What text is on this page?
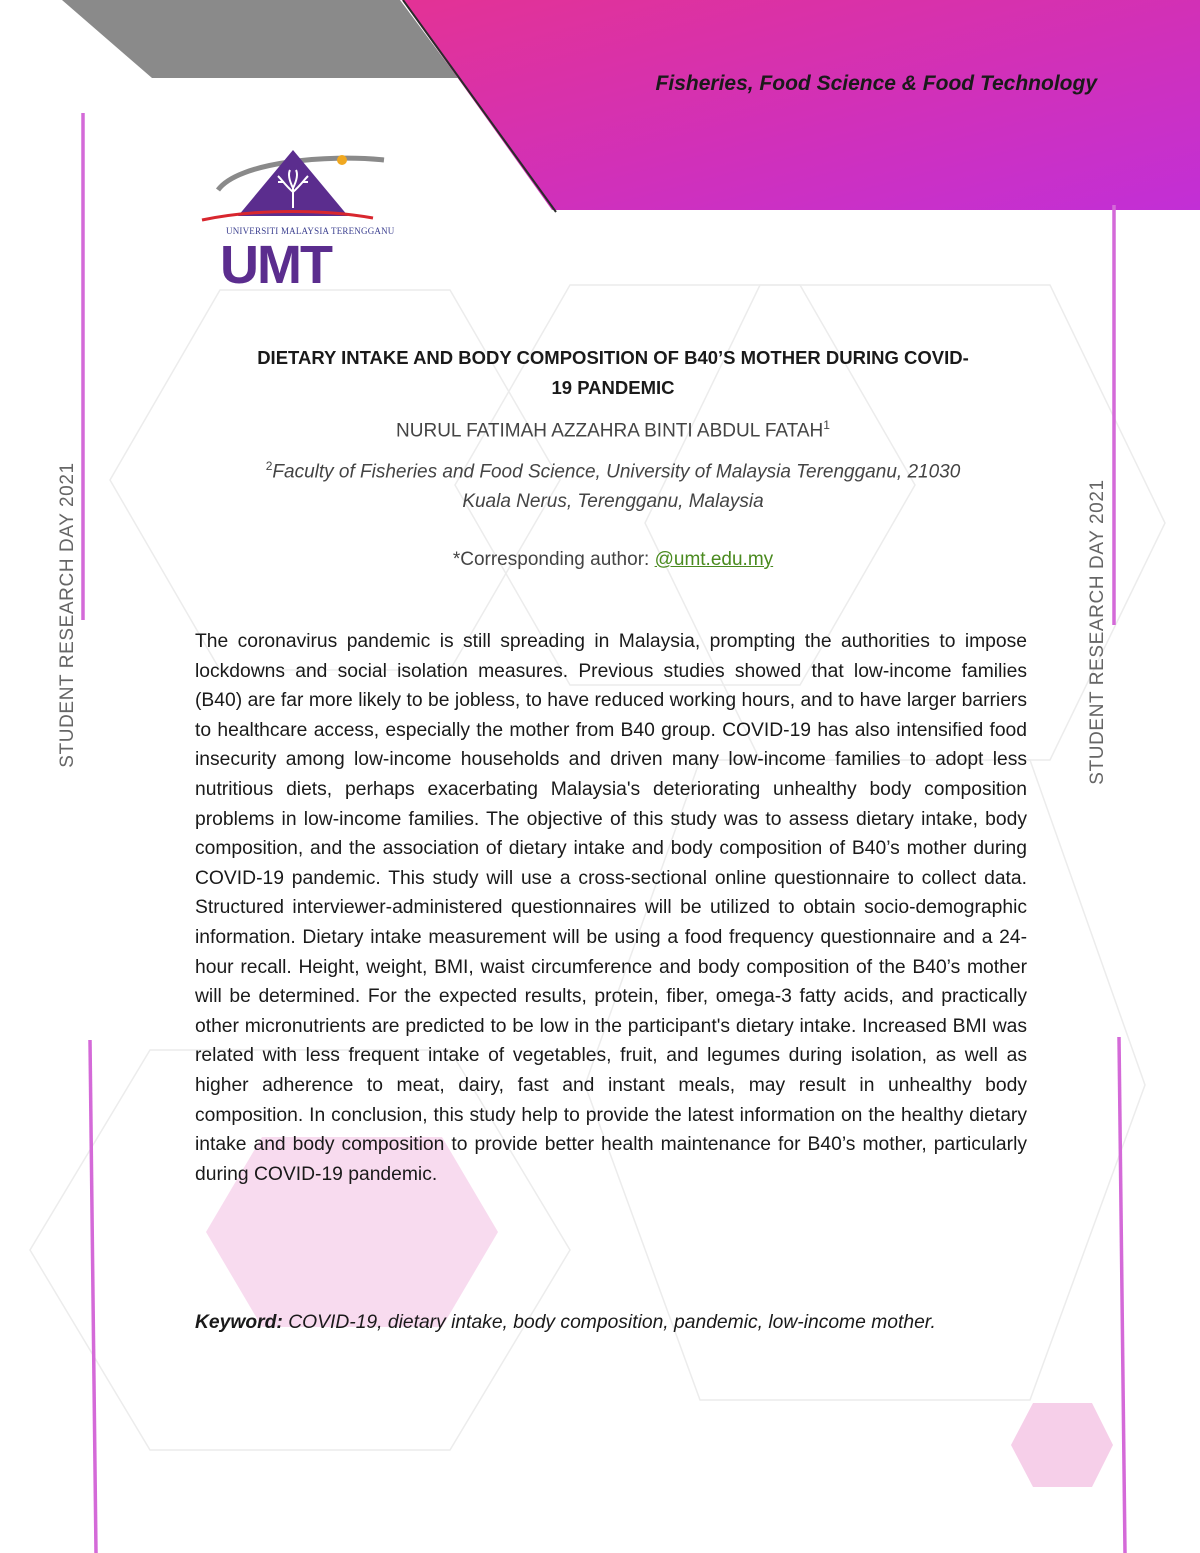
Fisheries, Food Science & Food Technology
UNIVERSITI MALAYSIA TERENGGANU
UMT
STUDENT RESEARCH DAY 2021	STUDENT RESEARCH DAY 2021
DIETARY INTAKE AND BODY COMPOSITION OF B40’S MOTHER DURING COVID-
19 PANDEMIC
NURUL FATIMAH AZZAHRA BINTI ABDUL FATAH$^1$
$^2$Faculty of Fisheries and Food Science, University of Malaysia Terengganu, 21030
Kuala Nerus, Terengganu, Malaysia
*Corresponding author: @umt.edu.my
The coronavirus pandemic is still spreading in Malaysia, prompting the authorities to impose lockdowns and social isolation measures. Previous studies showed that low-income families (B40) are far more likely to be jobless, to have reduced working hours, and to have larger barriers to healthcare access, especially the mother from B40 group. COVID-19 has also intensified food insecurity among low-income households and driven many low-income families to adopt less nutritious diets, perhaps exacerbating Malaysia's deteriorating unhealthy body composition problems in low-income families. The objective of this study was to assess dietary intake, body composition, and the association of dietary intake and body composition of B40’s mother during COVID-19 pandemic. This study will use a cross-sectional online questionnaire to collect data. Structured interviewer-administered questionnaires will be utilized to obtain socio-demographic information. Dietary intake measurement will be using a food frequency questionnaire and a 24-hour recall. Height, weight, BMI, waist circumference and body composition of the B40’s mother will be determined. For the expected results, protein, fiber, omega-3 fatty acids, and practically other micronutrients are predicted to be low in the participant's dietary intake. Increased BMI was related with less frequent intake of vegetables, fruit, and legumes during isolation, as well as higher adherence to meat, dairy, fast and instant meals, may result in unhealthy body composition. In conclusion, this study help to provide the latest information on the healthy dietary intake and body composition to provide better health maintenance for B40’s mother, particularly during COVID-19 pandemic.
Keyword: COVID-19, dietary intake, body composition, pandemic, low-income mother.
